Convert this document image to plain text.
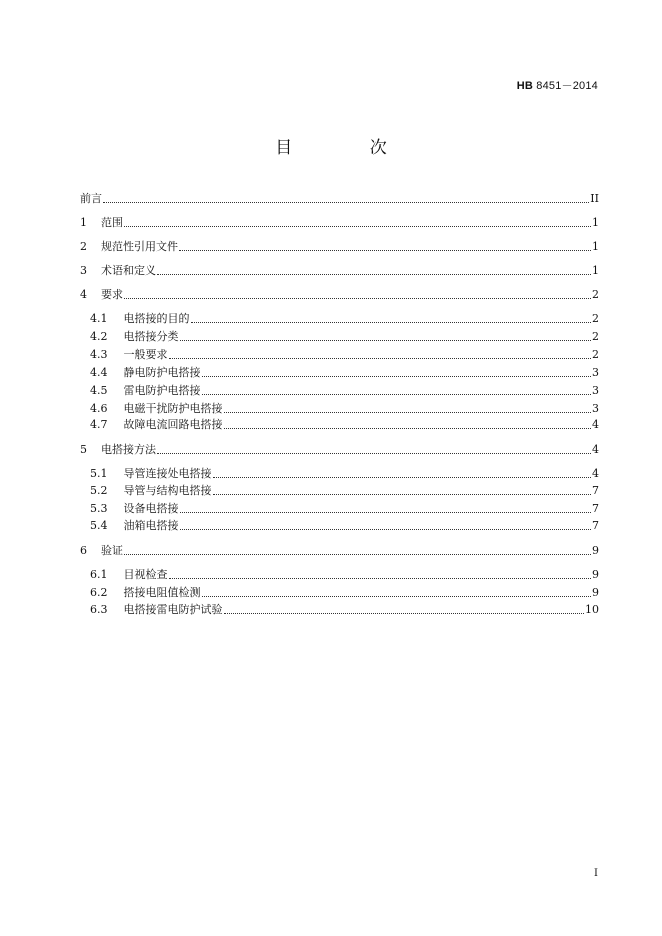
HB 8451－2014
目 次
前言	II
1 范围	1
2 规范性引用文件	1
3 术语和定义	1
4 要求	2
4.1 电搭接的目的	2
4.2 电搭接分类	2
4.3 一般要求	2
4.4 静电防护电搭接	3
4.5 雷电防护电搭接	3
4.6 电磁干扰防护电搭接	3
4.7 故障电流回路电搭接	4
5 电搭接方法	4
5.1 导管连接处电搭接	4
5.2 导管与结构电搭接	7
5.3 设备电搭接	7
5.4 油箱电搭接	7
6 验证	9
6.1 目视检查	9
6.2 搭接电阻值检测	9
6.3 电搭接雷电防护试验	10
I
